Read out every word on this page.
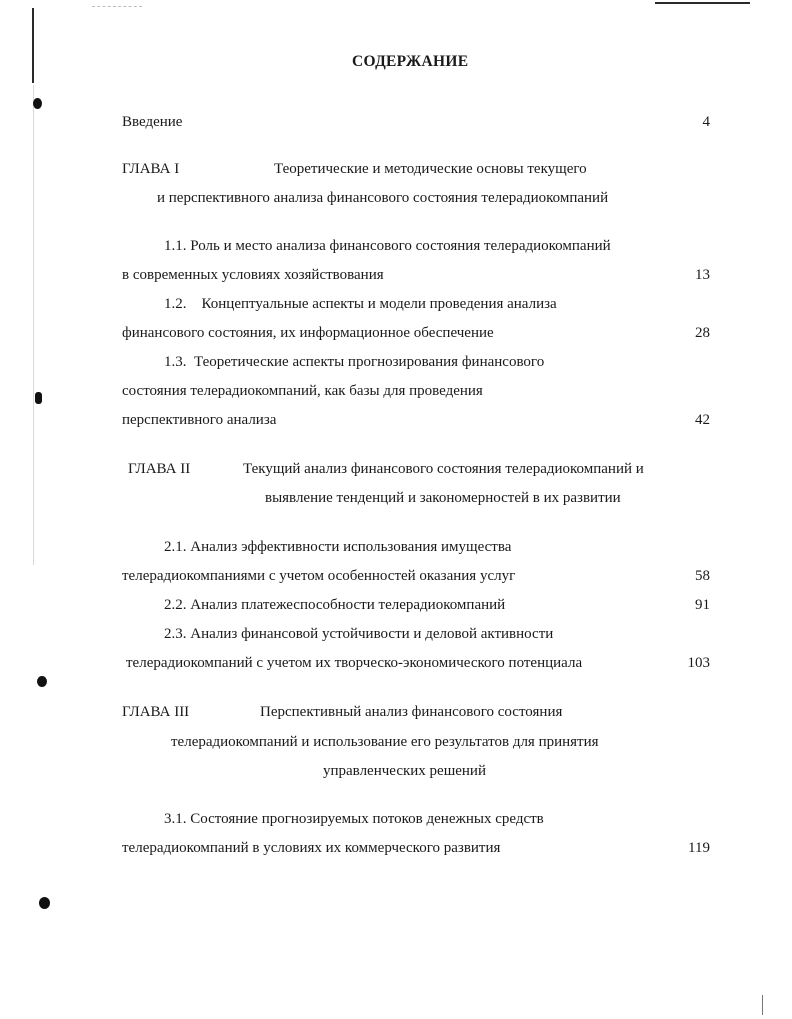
СОДЕРЖАНИЕ
Введение	4
ГЛАВА I	Теоретические и методические основы текущего
и перспективного анализа финансового состояния телерадиокомпаний
1.1. Роль и место анализа финансового состояния телерадиокомпаний
в современных условиях хозяйствования	13
1.2.    Концептуальные аспекты и модели проведения анализа
финансового состояния, их информационное обеспечение	28
1.3.  Теоретические аспекты прогнозирования финансового
состояния телерадиокомпаний, как базы для проведения
перспективного анализа	42
ГЛАВА II	Текущий анализ финансового состояния телерадиокомпаний и
выявление тенденций и закономерностей в их развитии
2.1. Анализ эффективности использования имущества
телерадиокомпаниями с учетом особенностей оказания услуг	58
2.2. Анализ платежеспособности телерадиокомпаний	91
2.3. Анализ финансовой устойчивости и деловой активности
телерадиокомпаний с учетом их творческо-экономического потенциала	103
ГЛАВА III	Перспективный анализ финансового состояния
телерадиокомпаний и использование его результатов для принятия
управленческих решений
3.1. Состояние прогнозируемых потоков денежных средств
телерадиокомпаний в условиях их коммерческого развития	119
